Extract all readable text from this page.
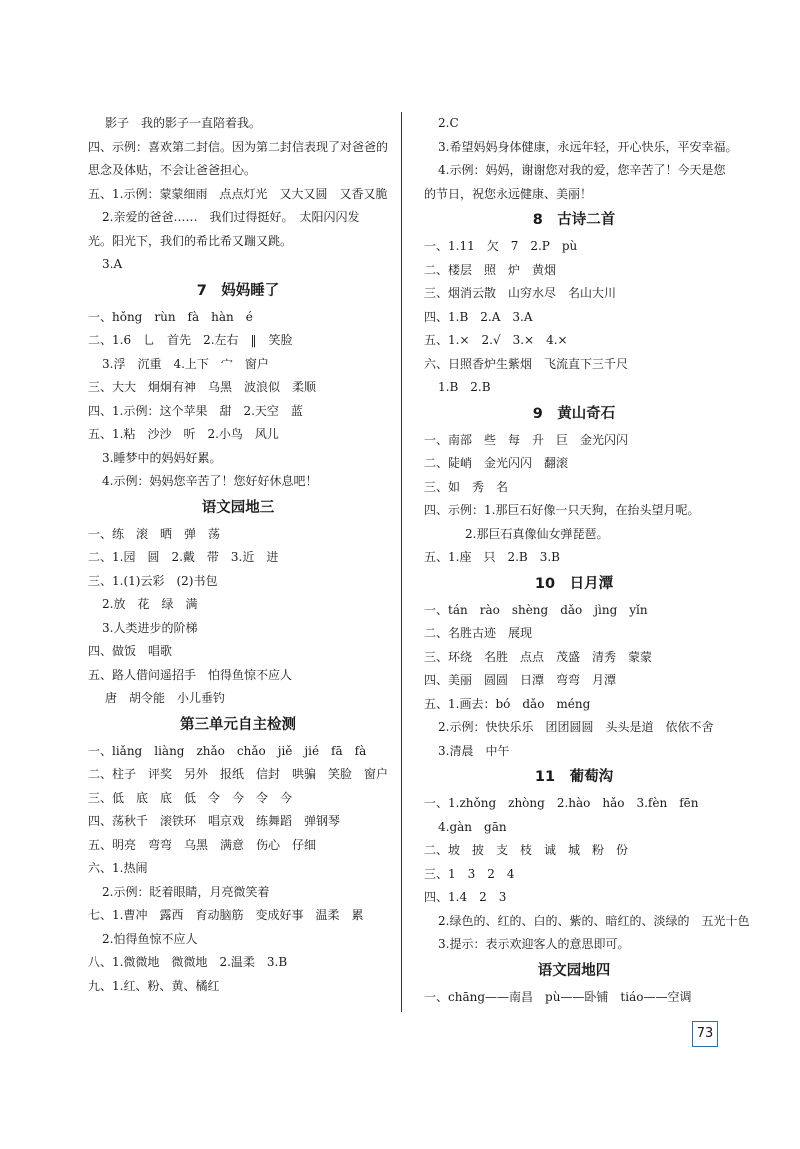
影子　我的影子一直陪着我。
四、示例：喜欢第二封信。因为第二封信表现了对爸爸的
思念及体贴，不会让爸爸担心。
五、1.示例：蒙蒙细雨　点点灯光　又大又圆　又香又脆
2.亲爱的爸爸……　我们过得挺好。　太阳闪闪发
光。阳光下，我们的希比希又蹦又跳。
3.A
7　妈妈睡了
一、hǒng　rùn　fà　hàn　é
二、1.6　乚　首先　2.左右　‖　笑脸
3.浮　沉重　4.上下　宀　窗户
三、大大　炯炯有神　乌黑　波浪似　柔顺
四、1.示例：这个苹果　甜　2.天空　蓝
五、1.粘　沙沙　听　2.小鸟　风儿
3.睡梦中的妈妈好累。
4.示例：妈妈您辛苦了！您好好休息吧！
语文园地三
一、练　滚　晒　弹　荡
二、1.园　圆　2.戴　带　3.近　进
三、1.(1)云彩　(2)书包
2.放　花　绿　满
3.人类进步的阶梯
四、做饭　唱歌
五、路人借问遥招手　怕得鱼惊不应人
唐　胡令能　小儿垂钓
第三单元自主检测
一、liǎng　liàng　zhǎo　chǎo　jiě　jié　fā　fà
二、柱子　评奖　另外　报纸　信封　哄骗　笑脸　窗户
三、低　底　底　低　令　今　令　今
四、荡秋千　滚铁环　唱京戏　练舞蹈　弹钢琴
五、明亮　弯弯　乌黑　满意　伤心　仔细
六、1.热闹
2.示例：眨着眼睛，月亮微笑着
七、1.曹冲　露西　育动脑筋　变成好事　温柔　累
2.怕得鱼惊不应人
八、1.微微地　微微地　2.温柔　3.B
九、1.红、粉、黄、橘红
2.C
3.希望妈妈身体健康，永远年轻，开心快乐，平安幸福。
4.示例：妈妈，谢谢您对我的爱，您辛苦了！今天是您
的节日，祝您永远健康、美丽！
8　古诗二首
一、1.11　欠　7　2.P　pù
二、楼层　照　炉　黄烟
三、烟消云散　山穷水尽　名山大川
四、1.B　2.A　3.A
五、1.×　2.√　3.×　4.×
六、日照香炉生紫烟　飞流直下三千尺
1.B　2.B
9　黄山奇石
一、南部　些　每　升　巨　金光闪闪
二、陡峭　金光闪闪　翻滚
三、如　秀　名
四、示例：1.那巨石好像一只天狗，在抬头望月呢。
　　2.那巨石真像仙女弹琵琶。
五、1.座　只　2.B　3.B
10　日月潭
一、tán　rào　shèng　dǎo　jìng　yǐn
二、名胜古迹　展现
三、环绕　名胜　点点　茂盛　清秀　蒙蒙
四、美丽　圆圆　日潭　弯弯　月潭
五、1.画去：bó　dǎo　méng
2.示例：快快乐乐　团团圆圆　头头是道　依依不舍
3.清晨　中午
11　葡萄沟
一、1.zhǒng　zhòng　2.hào　hǎo　3.fèn　fēn
4.gàn　gān
二、坡　披　支　枝　诚　城　粉　份
三、1　3　2　4
四、1.4　2　3
2.绿色的、红的、白的、紫的、暗红的、淡绿的　五光十色
3.提示：表示欢迎客人的意思即可。
语文园地四
一、chāng——南昌　pù——卧铺　tiáo——空调
73
